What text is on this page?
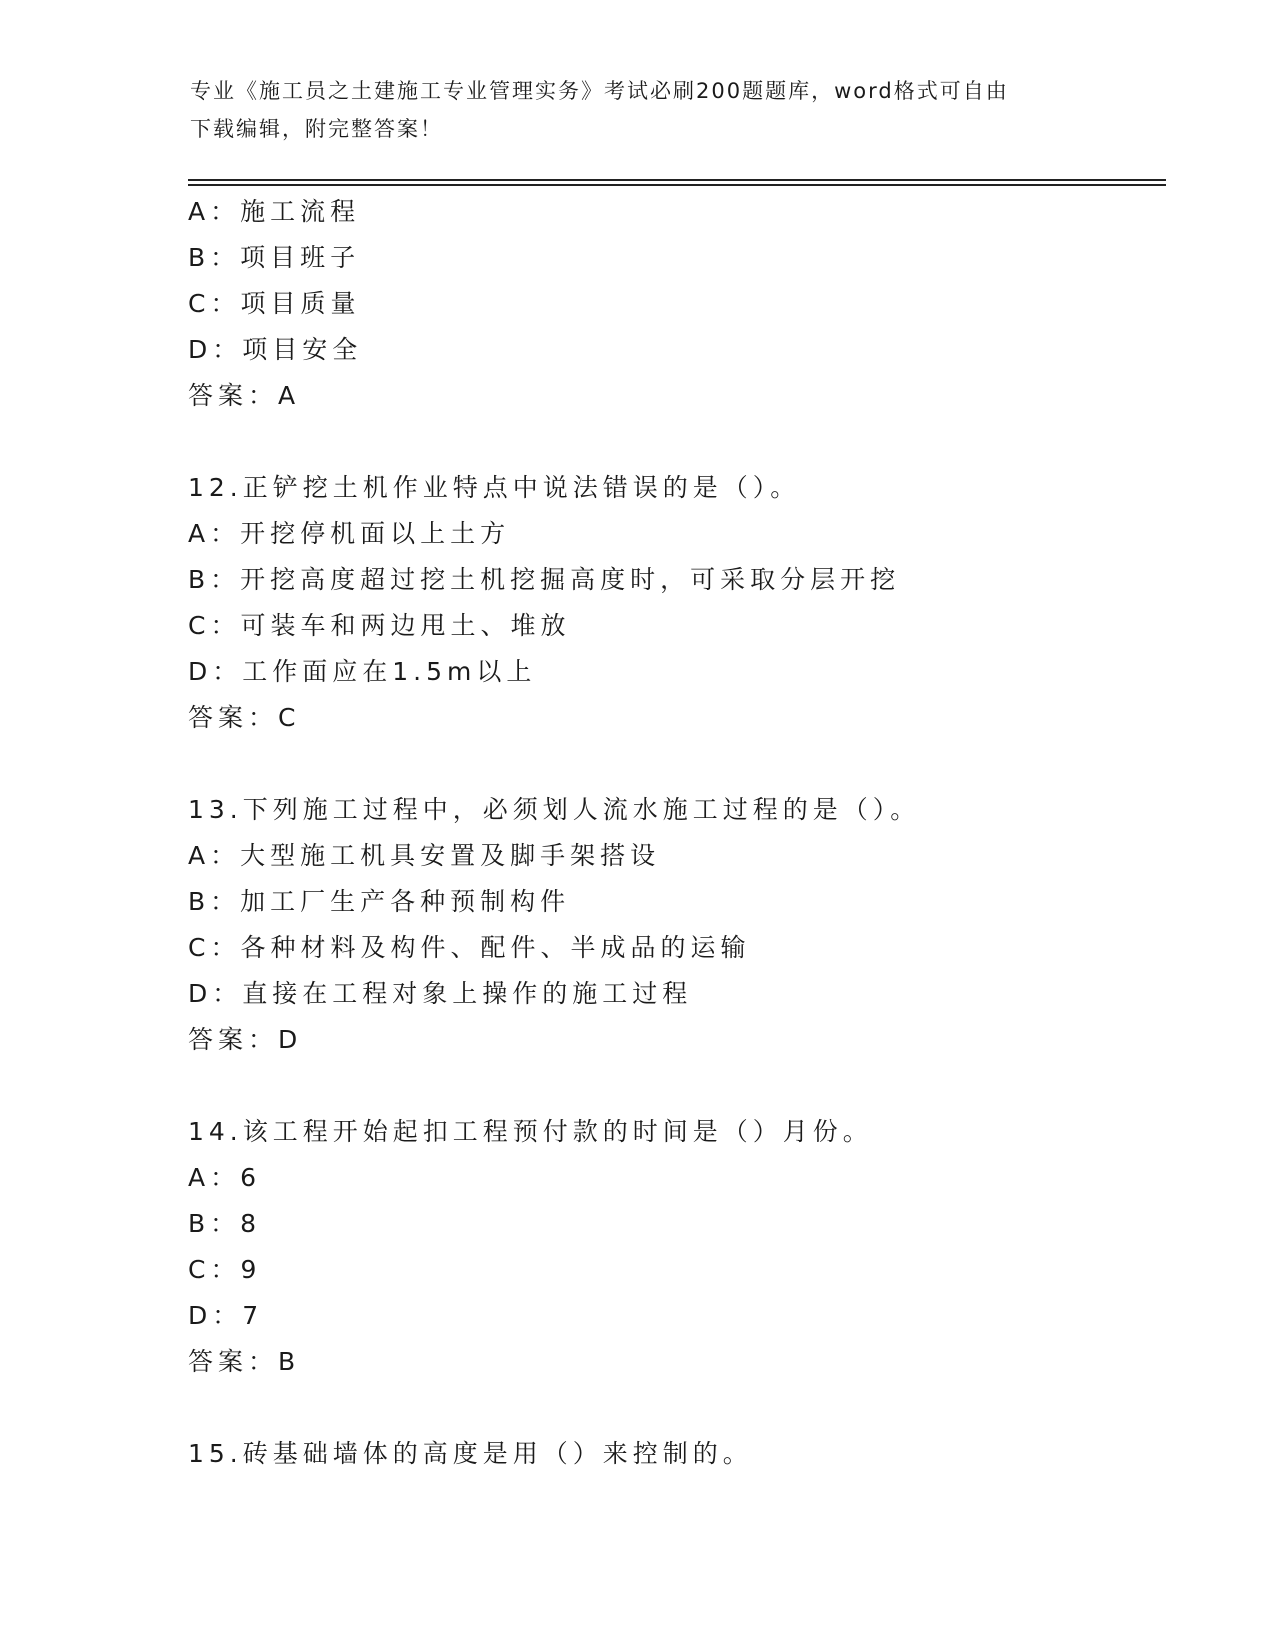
专业《施工员之土建施工专业管理实务》考试必刷200题题库，word格式可自由
下载编辑，附完整答案！
A：施工流程
B：项目班子
C：项目质量
D：项目安全
答案：A
12.正铲挖土机作业特点中说法错误的是（）。
A：开挖停机面以上土方
B：开挖高度超过挖土机挖掘高度时，可采取分层开挖
C：可装车和两边甩土、堆放
D：工作面应在1.5m以上
答案：C
13.下列施工过程中，必须划人流水施工过程的是（）。
A：大型施工机具安置及脚手架搭设
B：加工厂生产各种预制构件
C：各种材料及构件、配件、半成品的运输
D：直接在工程对象上操作的施工过程
答案：D
14.该工程开始起扣工程预付款的时间是（）月份。
A：6
B：8
C：9
D：7
答案：B
15.砖基础墙体的高度是用（）来控制的。
